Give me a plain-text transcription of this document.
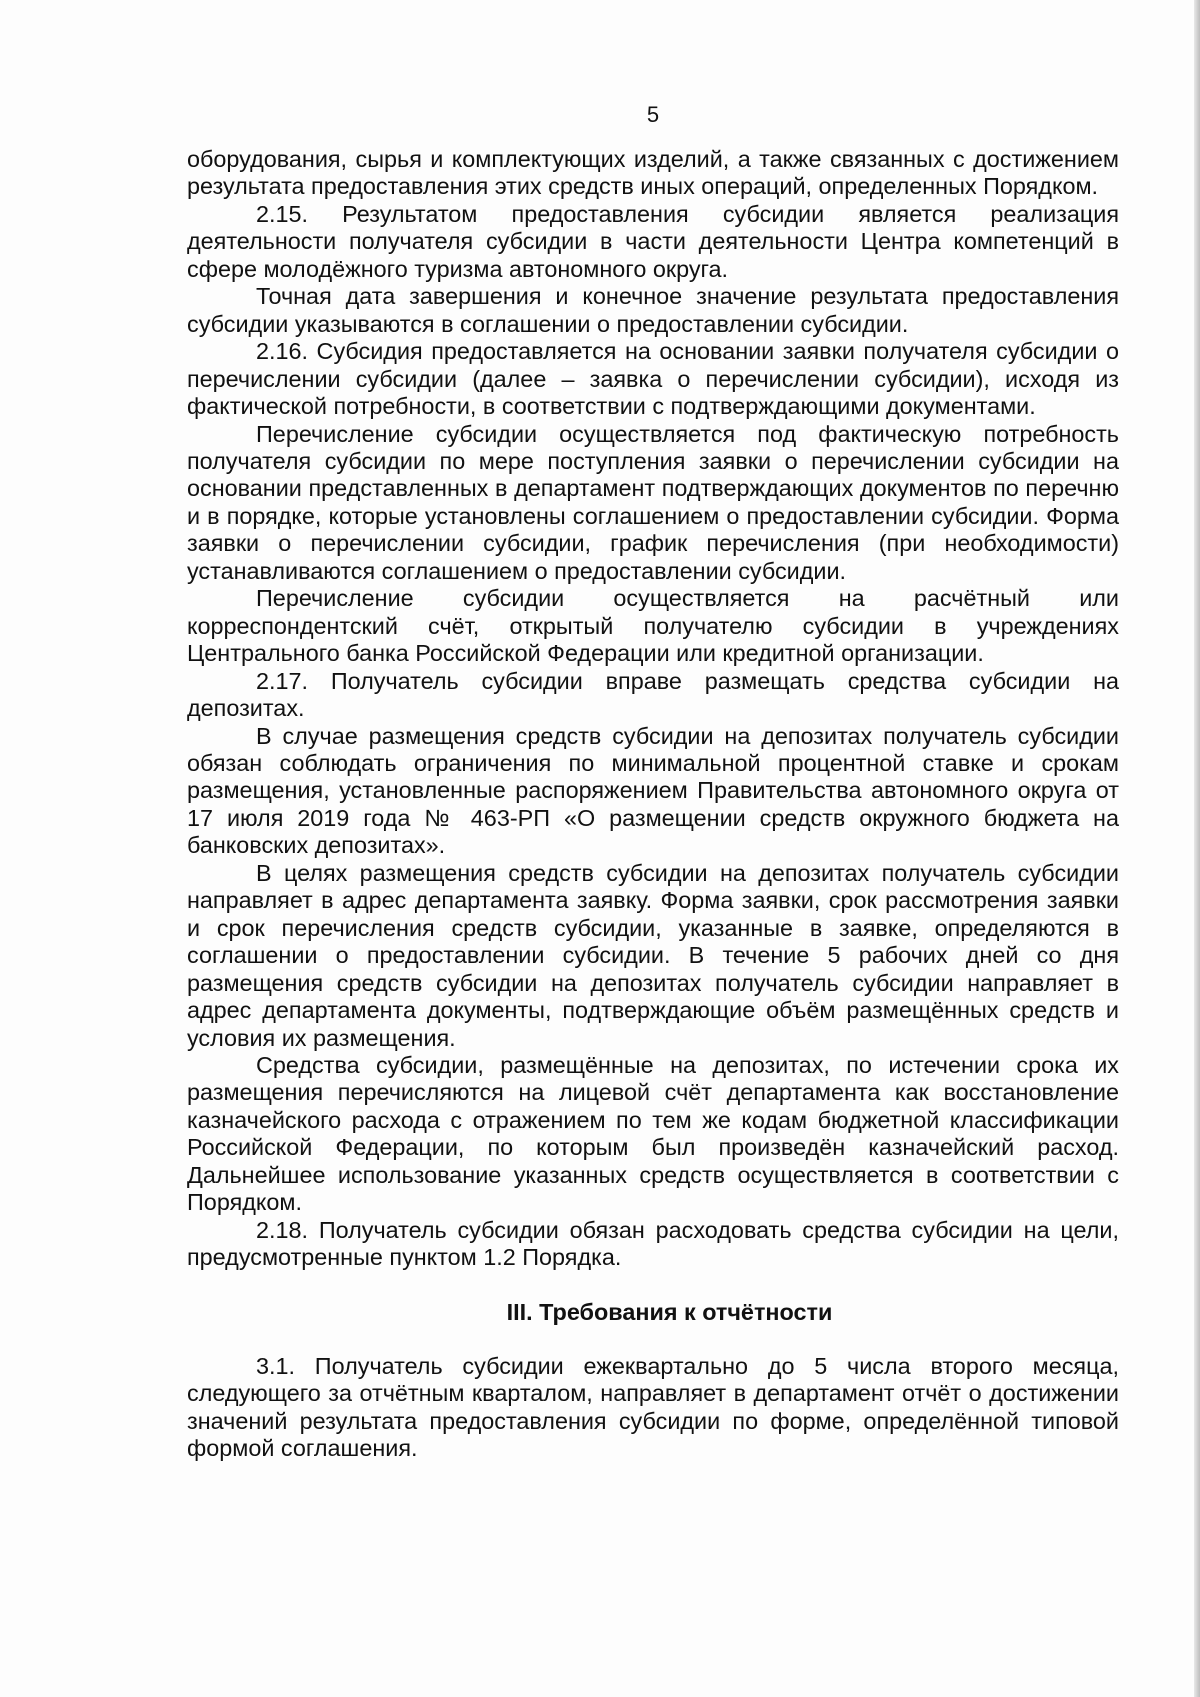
5

оборудования, сырья и комплектующих изделий, а также связанных с достижением результата предоставления этих средств иных операций, определенных Порядком.

2.15. Результатом предоставления субсидии является реализация деятельности получателя субсидии в части деятельности Центра компетенций в сфере молодёжного туризма автономного округа.

Точная дата завершения и конечное значение результата предоставления субсидии указываются в соглашении о предоставлении субсидии.

2.16. Субсидия предоставляется на основании заявки получателя субсидии о перечислении субсидии (далее – заявка о перечислении субсидии), исходя из фактической потребности, в соответствии с подтверждающими документами.

Перечисление субсидии осуществляется под фактическую потребность получателя субсидии по мере поступления заявки о перечислении субсидии на основании представленных в департамент подтверждающих документов по перечню и в порядке, которые установлены соглашением о предоставлении субсидии. Форма заявки о перечислении субсидии, график перечисления (при необходимости) устанавливаются соглашением о предоставлении субсидии.

Перечисление субсидии осуществляется на расчётный или корреспондентский счёт, открытый получателю субсидии в учреждениях Центрального банка Российской Федерации или кредитной организации.

2.17. Получатель субсидии вправе размещать средства субсидии на депозитах.

В случае размещения средств субсидии на депозитах получатель субсидии обязан соблюдать ограничения по минимальной процентной ставке и срокам размещения, установленные распоряжением Правительства автономного округа от 17 июля 2019 года № 463-РП «О размещении средств окружного бюджета на банковских депозитах».

В целях размещения средств субсидии на депозитах получатель субсидии направляет в адрес департамента заявку. Форма заявки, срок рассмотрения заявки и срок перечисления средств субсидии, указанные в заявке, определяются в соглашении о предоставлении субсидии. В течение 5 рабочих дней со дня размещения средств субсидии на депозитах получатель субсидии направляет в адрес департамента документы, подтверждающие объём размещённых средств и условия их размещения.

Средства субсидии, размещённые на депозитах, по истечении срока их размещения перечисляются на лицевой счёт департамента как восстановление казначейского расхода с отражением по тем же кодам бюджетной классификации Российской Федерации, по которым был произведён казначейский расход. Дальнейшее использование указанных средств осуществляется в соответствии с Порядком.

2.18. Получатель субсидии обязан расходовать средства субсидии на цели, предусмотренные пунктом 1.2 Порядка.

III. Требования к отчётности

3.1. Получатель субсидии ежеквартально до 5 числа второго месяца, следующего за отчётным кварталом, направляет в департамент отчёт о достижении значений результата предоставления субсидии по форме, определённой типовой формой соглашения.
